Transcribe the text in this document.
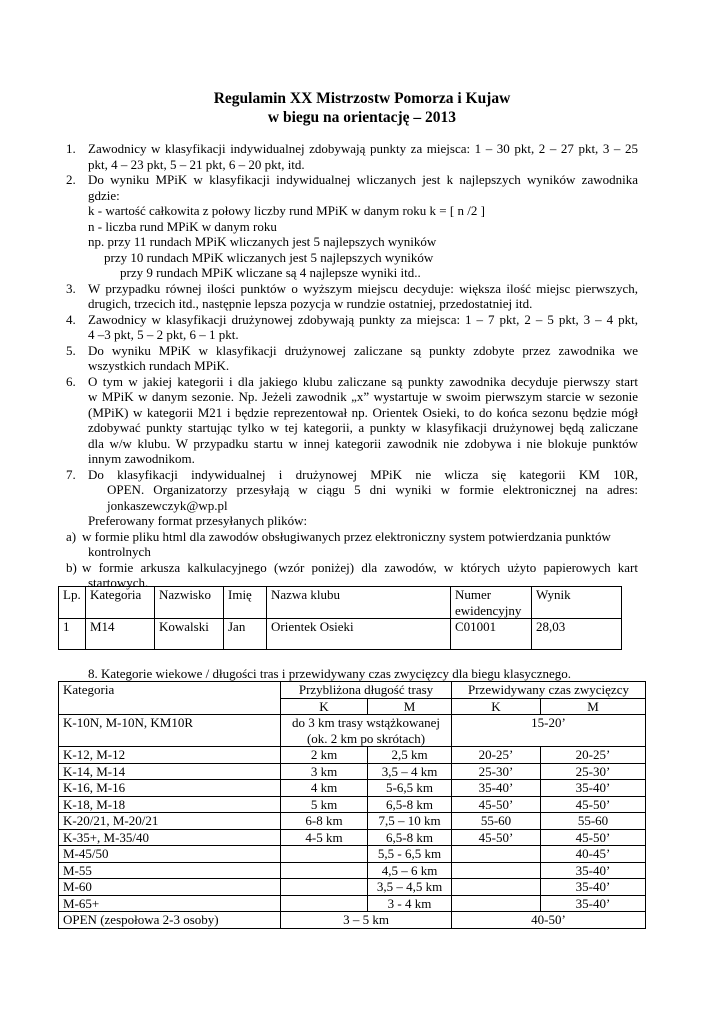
Regulamin XX Mistrzostw Pomorza i Kujaw
w biegu na orientację – 2013
1. Zawodnicy w klasyfikacji indywidualnej zdobywają punkty za miejsca: 1 – 30 pkt, 2 – 27 pkt, 3 – 25
pkt, 4 – 23 pkt, 5 – 21 pkt, 6 – 20 pkt, itd.
2. Do wyniku MPiK w klasyfikacji indywidualnej wliczanych jest k najlepszych wyników zawodnika
gdzie:
k - wartość całkowita z połowy liczby rund MPiK w danym roku k = [ n /2 ]
n - liczba rund MPiK w danym roku
np. przy 11 rundach MPiK wliczanych jest 5 najlepszych wyników
przy 10 rundach MPiK wliczanych jest 5 najlepszych wyników
przy 9 rundach MPiK wliczane są 4 najlepsze wyniki itd..
3. W przypadku równej ilości punktów o wyższym miejscu decyduje: większa ilość miejsc pierwszych,
drugich, trzecich itd., następnie lepsza pozycja w rundzie ostatniej, przedostatniej itd.
4. Zawodnicy w klasyfikacji drużynowej zdobywają punkty za miejsca: 1 – 7 pkt, 2 – 5 pkt, 3 – 4 pkt,
4 –3 pkt, 5 – 2 pkt, 6 – 1 pkt.
5. Do wyniku MPiK w klasyfikacji drużynowej zaliczane są punkty zdobyte przez zawodnika we
wszystkich rundach MPiK.
6. O tym w jakiej kategorii i dla jakiego klubu zaliczane są punkty zawodnika decyduje pierwszy start
w MPiK w danym sezonie. Np. Jeżeli zawodnik „x” wystartuje w swoim pierwszym starcie w sezonie
(MPiK) w kategorii M21 i będzie reprezentował np. Orientek Osieki, to do końca sezonu będzie mógł
zdobywać punkty startując tylko w tej kategorii, a punkty w klasyfikacji drużynowej będą zaliczane
dla w/w klubu. W przypadku startu w innej kategorii zawodnik nie zdobywa i nie blokuje punktów
innym zawodnikom.
7. Do klasyfikacji indywidualnej i drużynowej MPiK nie wlicza się kategorii KM 10R,
OPEN. Organizatorzy przesyłają w ciągu 5 dni wyniki w formie elektronicznej na adres:
jonkaszewczyk@wp.pl
Preferowany format przesyłanych plików:
a) w formie pliku html dla zawodów obsługiwanych przez elektroniczny system potwierdzania punktów
kontrolnych
b) w formie arkusza kalkulacyjnego (wzór poniżej) dla zawodów, w których użyto papierowych kart
startowych.
Lp.	Kategoria	Nazwisko	Imię	Nazwa klubu	Numer
ewidencyjny	Wynik
1	M14	Kowalski	Jan	Orientek Osieki	C01001	28,03
8. Kategorie wiekowe / długości tras i przewidywany czas zwycięzcy dla biegu klasycznego.
Kategoria	Przybliżona długość trasy		Przewidywany czas zwycięzcy	
	K	M	K	M
K-10N, M-10N, KM10R	do 3 km trasy wstążkowanej
(ok. 2 km po skrótach)		15-20’	
K-12, M-12	2 km	2,5 km	20-25’	20-25’
K-14, M-14	3 km	3,5 – 4 km	25-30’	25-30’
K-16, M-16	4 km	5-6,5 km	35-40’	35-40’
K-18, M-18	5 km	6,5-8 km	45-50’	45-50’
K-20/21, M-20/21	6-8 km	7,5 – 10 km	55-60	55-60
K-35+, M-35/40	4-5 km	6,5-8 km	45-50’	45-50’
M-45/50		5,5 - 6,5 km		40-45’
M-55		4,5 – 6 km		35-40’
M-60		3,5 – 4,5 km		35-40’
M-65+		3 - 4 km		35-40’
OPEN (zespołowa 2-3 osoby)	3 – 5 km		40-50’	
